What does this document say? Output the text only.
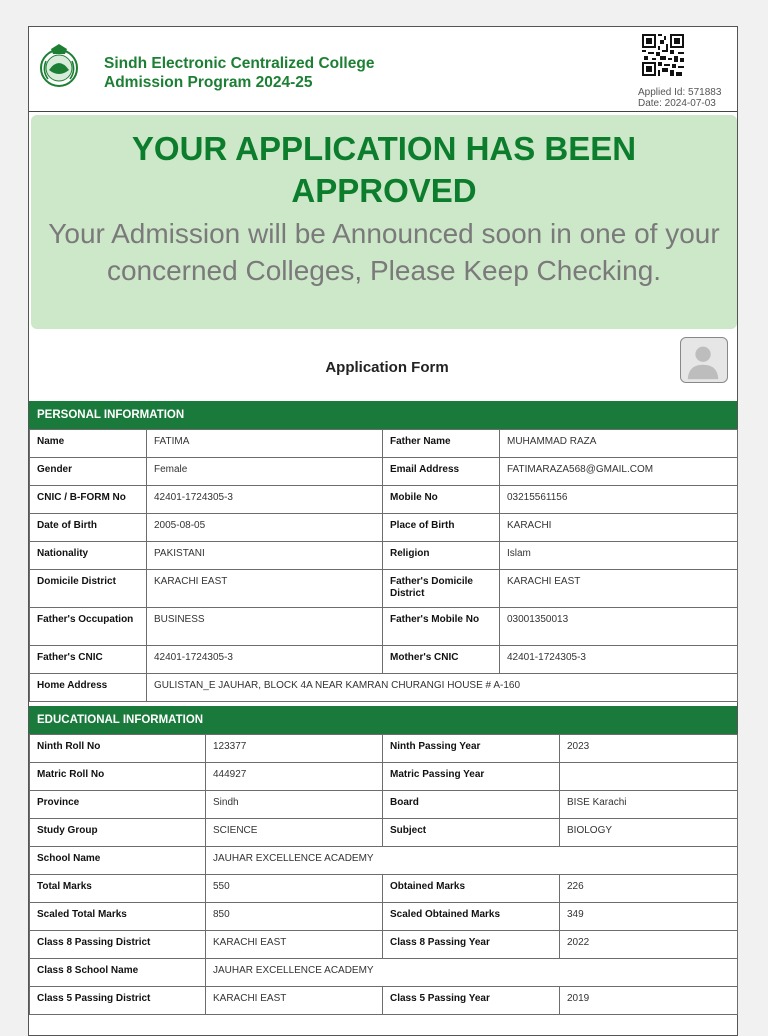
Sindh Electronic Centralized College
Admission Program 2024-25
Applied Id: 571883
Date: 2024-07-03
YOUR APPLICATION HAS BEEN APPROVED
Your Admission will be Announced soon in one of your concerned Colleges, Please Keep Checking.
Application Form
PERSONAL INFORMATION
Name	FATIMA	Father Name	MUHAMMAD RAZA
Gender	Female	Email Address	FATIMARAZA568@GMAIL.COM
CNIC / B-FORM No	42401-1724305-3	Mobile No	03215561156
Date of Birth	2005-08-05	Place of Birth	KARACHI
Nationality	PAKISTANI	Religion	Islam
Domicile District	KARACHI EAST	Father's Domicile District	KARACHI EAST
Father's Occupation	BUSINESS	Father's Mobile No	03001350013
Father's CNIC	42401-1724305-3	Mother's CNIC	42401-1724305-3
Home Address	GULISTAN_E JAUHAR, BLOCK 4A NEAR KAMRAN CHURANGI HOUSE # A-160		
EDUCATIONAL INFORMATION
Ninth Roll No	123377	Ninth Passing Year	2023
Matric Roll No	444927	Matric Passing Year	
Province	Sindh	Board	BISE Karachi
Study Group	SCIENCE	Subject	BIOLOGY
School Name	JAUHAR EXCELLENCE ACADEMY		
Total Marks	550	Obtained Marks	226
Scaled Total Marks	850	Scaled Obtained Marks	349
Class 8 Passing District	KARACHI EAST	Class 8 Passing Year	2022
Class 8 School Name	JAUHAR EXCELLENCE ACADEMY		
Class 5 Passing District	KARACHI EAST	Class 5 Passing Year	2019
